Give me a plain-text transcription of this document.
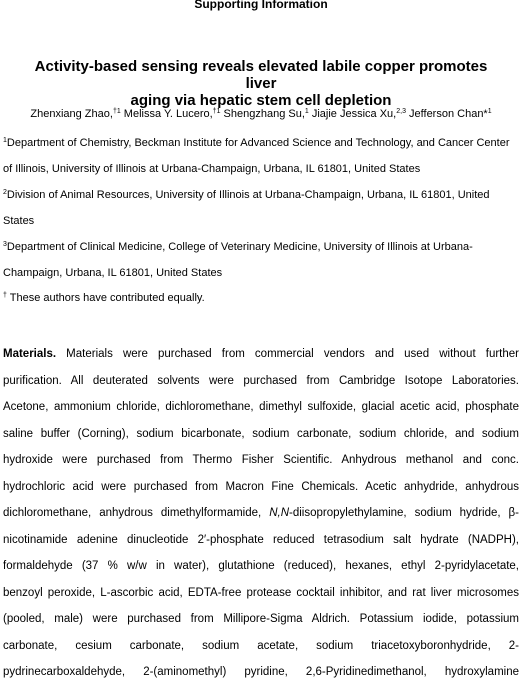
Supporting Information
Activity-based sensing reveals elevated labile copper promotes liver
aging via hepatic stem cell depletion
Zhenxiang Zhao,$^{\dagger 1}$ Melissa Y. Lucero,$^{\dagger 1}$ Shengzhang Su,$^1$ Jiajie Jessica Xu,$^{2,3}$ Jefferson Chan*$^1$
$^1$Department of Chemistry, Beckman Institute for Advanced Science and Technology, and Cancer Center
of Illinois, University of Illinois at Urbana-Champaign, Urbana, IL 61801, United States
$^2$Division of Animal Resources, University of Illinois at Urbana-Champaign, Urbana, IL 61801, United
States
$^3$Department of Clinical Medicine, College of Veterinary Medicine, University of Illinois at Urbana-
Champaign, Urbana, IL 61801, United States
† These authors have contributed equally.
Materials. Materials were purchased from commercial vendors and used without further
purification. All deuterated solvents were purchased from Cambridge Isotope Laboratories.
Acetone, ammonium chloride, dichloromethane, dimethyl sulfoxide, glacial acetic acid, phosphate
saline buffer (Corning), sodium bicarbonate, sodium carbonate, sodium chloride, and sodium
hydroxide were purchased from Thermo Fisher Scientific. Anhydrous methanol and conc.
hydrochloric acid were purchased from Macron Fine Chemicals. Acetic anhydride, anhydrous
dichloromethane, anhydrous dimethylformamide, N,N-diisopropylethylamine, sodium hydride, β-
nicotinamide adenine dinucleotide 2′-phosphate reduced tetrasodium salt hydrate (NADPH),
formaldehyde (37 % w/w in water), glutathione (reduced), hexanes, ethyl 2-pyridylacetate,
benzoyl peroxide, L-ascorbic acid, EDTA-free protease cocktail inhibitor, and rat liver microsomes
(pooled, male) were purchased from Millipore-Sigma Aldrich. Potassium iodide, potassium
carbonate, cesium carbonate, sodium acetate, sodium triacetoxyboronhydride, 2-
pydrinecarboxaldehyde, 2-(aminomethyl) pyridine, 2,6-Pyridinedimethanol, hydroxylamine
